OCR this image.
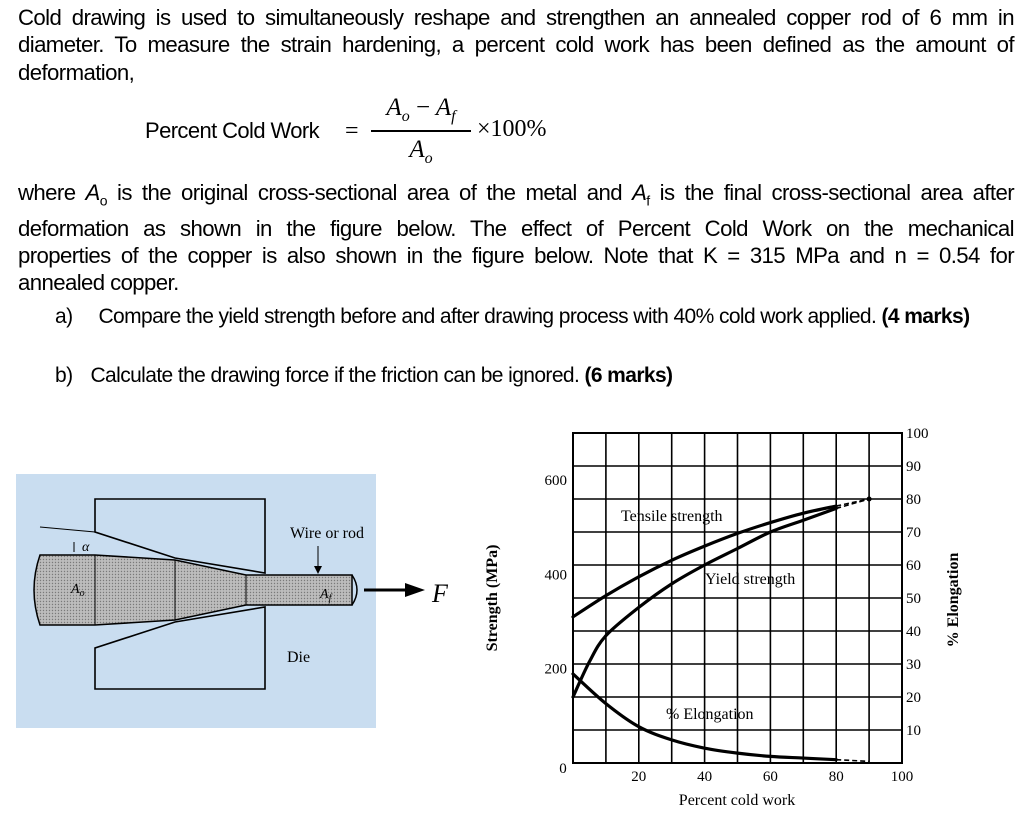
Cold drawing is used to simultaneously reshape and strengthen an annealed copper rod of 6 mm in
diameter. To measure the strain hardening, a percent cold work has been defined as the amount of
deformation,
Percent Cold Work =
$A_o - A_f$
$A_o$
×100%
where $A_o$ is the original cross-sectional area of the metal and $A_f$ is the final cross-sectional area after
deformation as shown in the figure below. The effect of Percent Cold Work on the mechanical
properties of the copper is also shown in the figure below. Note that K = 315 MPa and n = 0.54 for
annealed copper.
a) Compare the yield strength before and after drawing process with 40% cold work applied. (4 marks)
b) Calculate the drawing force if the friction can be ignored. (6 marks)
α
$A_o$	$A_f$
Wire or rod
Die
F
0	20	40	60	80	100
200
400
600
10
20
30
40
50
60
70
80
90
100
Tensile strength
Yield strength
% Elongation
Percent cold work
Strength (MPa)	% Elongation
